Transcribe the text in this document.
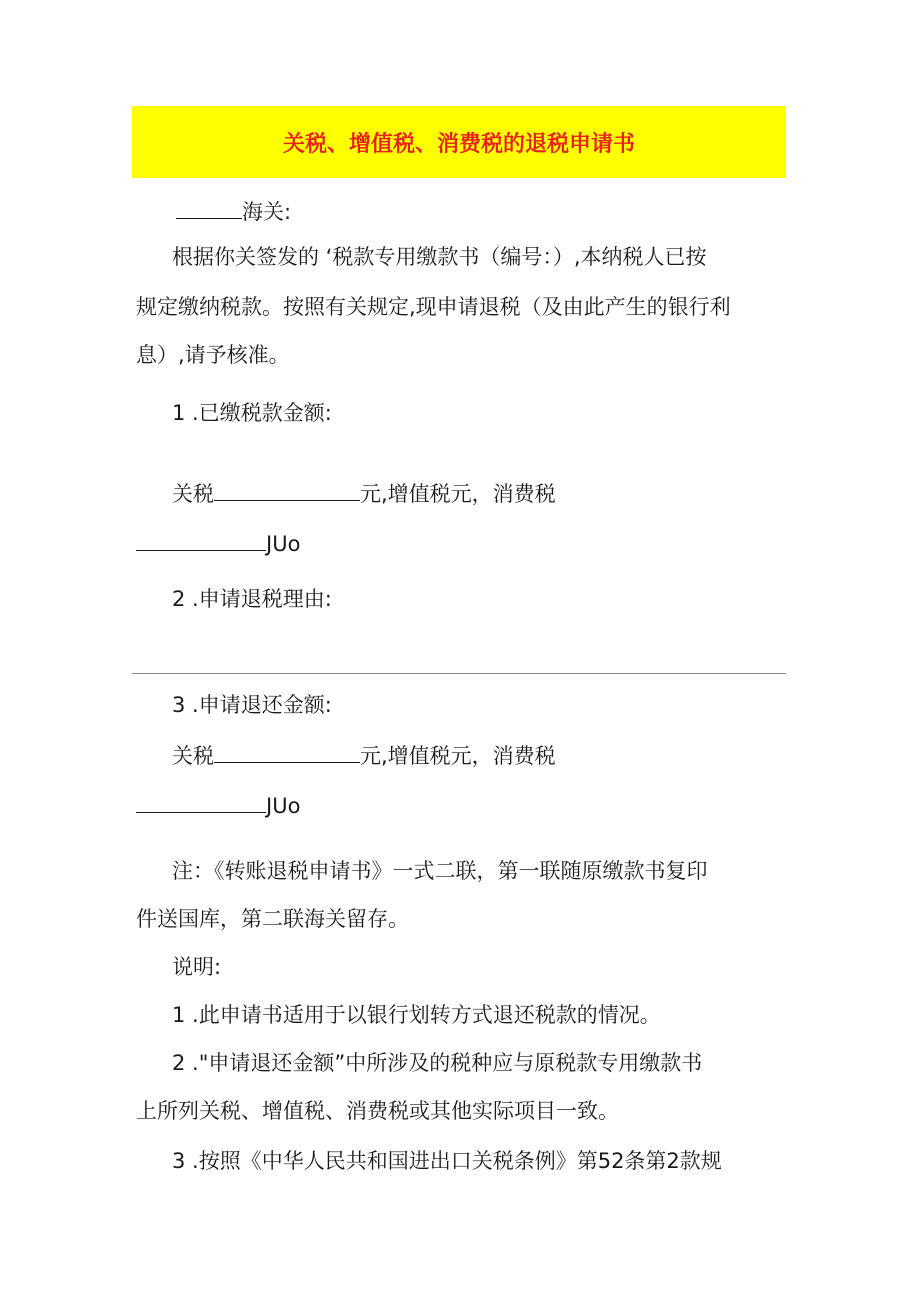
关税、增值税、消费税的退税申请书
海关:
根据你关签发的 ‘税款专用缴款书（编号：）,本纳税人已按
规定缴纳税款。按照有关规定,现申请退税（及由此产生的银行利
息）,请予核准。
1 .已缴税款金额:
关税	元,增值税元，消费税
JUo
2 .申请退税理由:
3 .申请退还金额:
关税	元,增值税元，消费税
JUo
注：《转账退税申请书》一式二联，第一联随原缴款书复印
件送国库，第二联海关留存。
说明:
1 .此申请书适用于以银行划转方式退还税款的情况。
2 ."申请退还金额”中所涉及的税种应与原税款专用缴款书
上所列关税、增值税、消费税或其他实际项目一致。
3 .按照《中华人民共和国进出口关税条例》第52条第2款规
